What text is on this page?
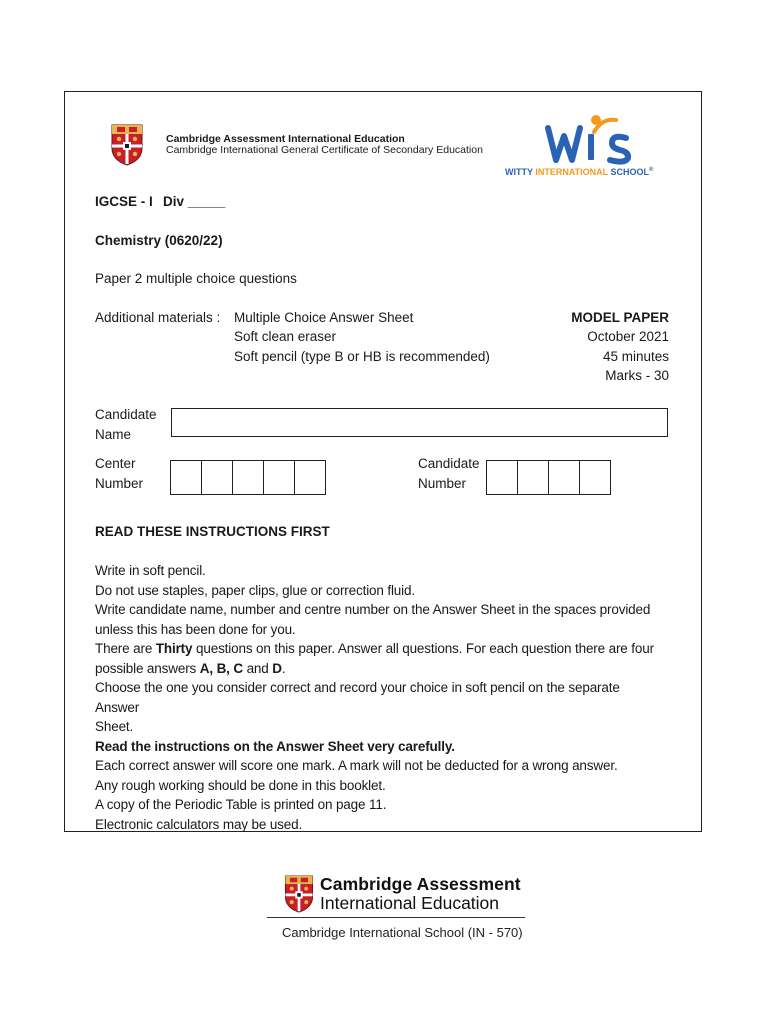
Cambridge Assessment International Education
Cambridge International General Certificate of Secondary Education
WITTY INTERNATIONAL SCHOOL®
IGCSE - I Div _____
Chemistry (0620/22)
Paper 2 multiple choice questions
Additional materials : Multiple Choice Answer Sheet
Soft clean eraser
Soft pencil (type B or HB is recommended)
MODEL PAPER
October 2021
45 minutes
Marks - 30
Candidate
Name
Center
Number
Candidate
Number
READ THESE INSTRUCTIONS FIRST

Write in soft pencil.

Do not use staples, paper clips, glue or correction fluid.

Write candidate name, number and centre number on the Answer Sheet in the spaces provided

unless this has been done for you.

There are Thirty questions on this paper. Answer all questions. For each question there are four

possible answers A, B, C and D.

Choose the one you consider correct and record your choice in soft pencil on the separate Answer

Sheet.

Read the instructions on the Answer Sheet very carefully.

Each correct answer will score one mark. A mark will not be deducted for a wrong answer.

Any rough working should be done in this booklet.

A copy of the Periodic Table is printed on page 11.

Electronic calculators may be used.

Cambridge Assessment
International Education
Cambridge International School (IN - 570)
